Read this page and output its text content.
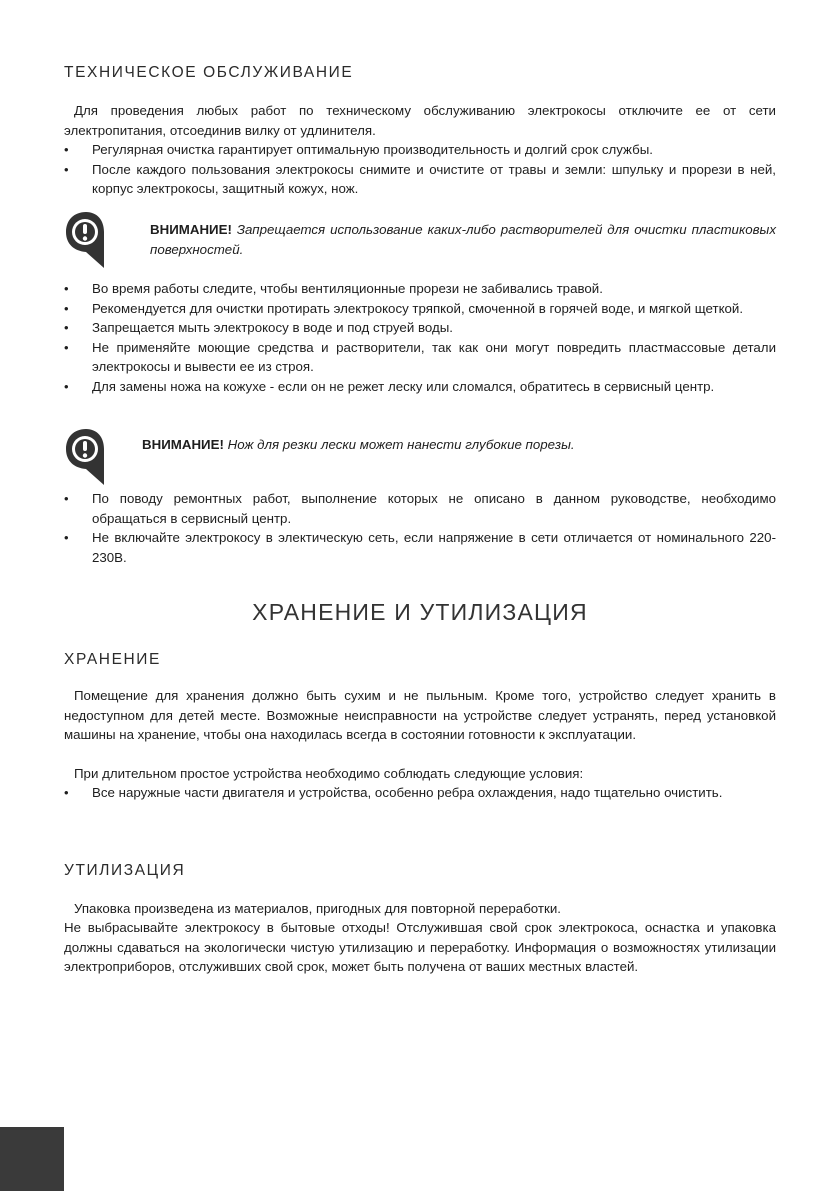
ТЕХНИЧЕСКОЕ ОБСЛУЖИВАНИЕ

Для проведения любых работ по техническому обслуживанию электрокосы отключите ее от сети электропитания, отсоединив вилку от удлинителя.

• Регулярная очистка гарантирует оптимальную производительность и долгий срок службы.
• После каждого пользования электрокосы снимите и очистите от травы и земли: шпульку и прорези в ней, корпус электрокосы, защитный кожух, нож.
ВНИМАНИЕ! Запрещается использование каких-либо растворителей для очистки пластиковых поверхностей.
• Во время работы следите, чтобы вентиляционные прорези не забивались травой.
• Рекомендуется для очистки протирать электрокосу тряпкой, смоченной в горячей воде, и мягкой щеткой.
• Запрещается мыть электрокосу в воде и под струей воды.
• Не применяйте моющие средства и растворители, так как они могут повредить пластмассовые детали электрокосы и вывести ее из строя.
• Для замены ножа на кожухе - если он не режет леску или сломался, обратитесь в сервисный центр.
ВНИМАНИЕ! Нож для резки лески может нанести глубокие порезы.
• По поводу ремонтных работ, выполнение которых не описано в данном руководстве, необходимо обращаться в сервисный центр.
• Не включайте электрокосу в электическую сеть, если напряжение в сети отличается от номинального 220-230В.
ХРАНЕНИЕ И УТИЛИЗАЦИЯ
ХРАНЕНИЕ

Помещение для хранения должно быть сухим и не пыльным. Кроме того, устройство следует хранить в недоступном для детей месте. Возможные неисправности на устройстве следует устранять, перед установкой машины на хранение, чтобы она находилась всегда в состоянии готовности к эксплуатации.

При длительном простое устройства необходимо соблюдать следующие условия:

• Все наружные части двигателя и устройства, особенно ребра охлаждения, надо тщательно очистить.
УТИЛИЗАЦИЯ

Упаковка произведена из материалов, пригодных для повторной переработки.

Не выбрасывайте электрокосу в бытовые отходы! Отслужившая свой срок электрокоса, оснастка и упаковка должны сдаваться на экологически чистую утилизацию и переработку. Информация о возможностях утилизации электроприборов, отслуживших свой срок, может быть получена от ваших местных властей.
